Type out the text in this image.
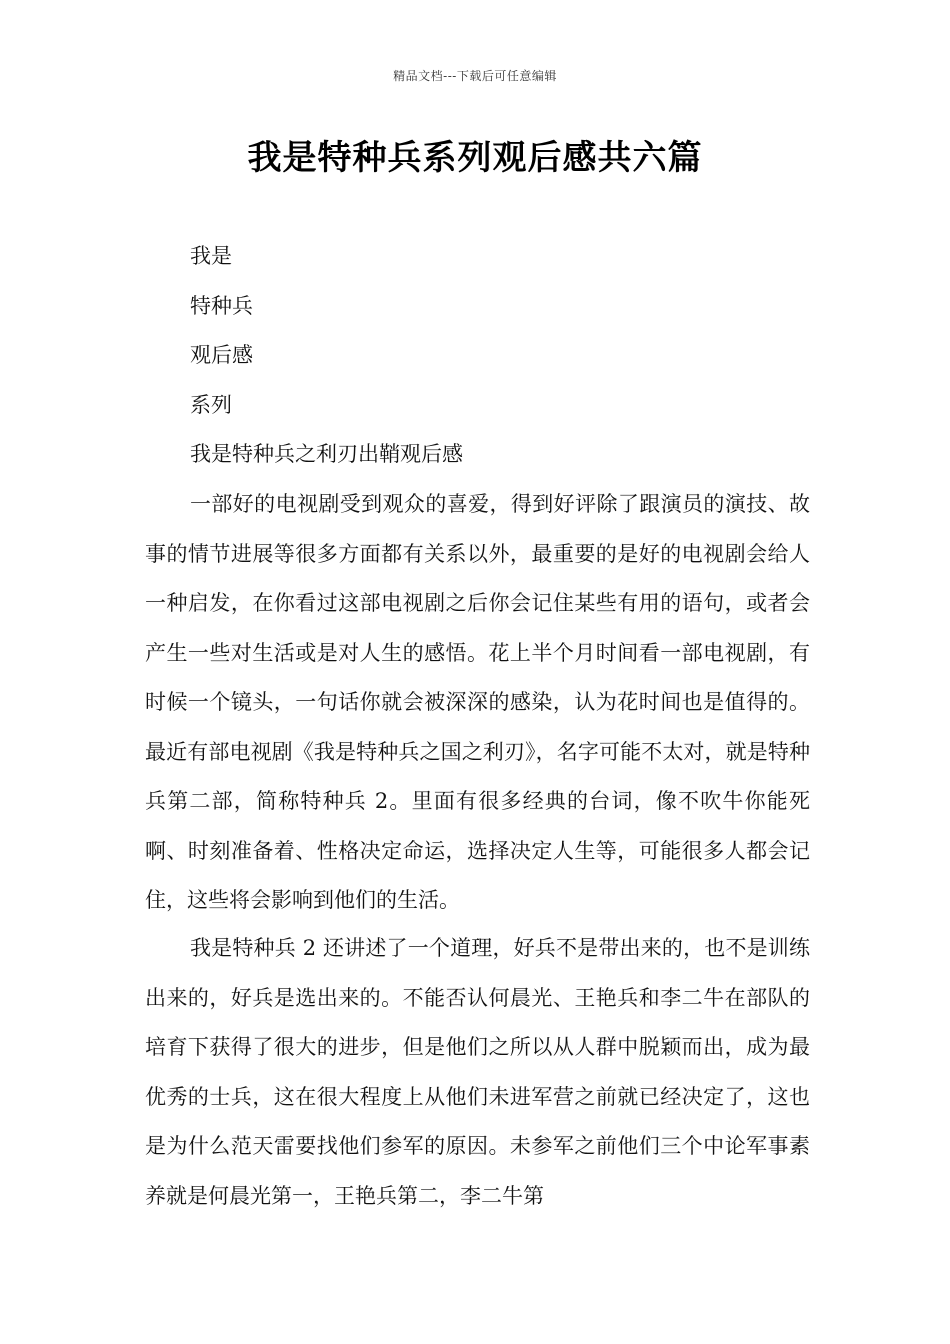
精品文档---下载后可任意编辑
我是特种兵系列观后感共六篇
我是
特种兵
观后感
系列
我是特种兵之利刃出鞘观后感

一部好的电视剧受到观众的喜爱，得到好评除了跟演员的演技、故事的情节进展等很多方面都有关系以外，最重要的是好的电视剧会给人一种启发，在你看过这部电视剧之后你会记住某些有用的语句，或者会产生一些对生活或是对人生的感悟。花上半个月时间看一部电视剧，有时候一个镜头，一句话你就会被深深的感染，认为花时间也是值得的。最近有部电视剧《我是特种兵之国之利刃》，名字可能不太对，就是特种兵第二部，简称特种兵 2。里面有很多经典的台词，像不吹牛你能死啊、时刻准备着、性格决定命运，选择决定人生等，可能很多人都会记住，这些将会影响到他们的生活。

我是特种兵 2 还讲述了一个道理，好兵不是带出来的，也不是训练出来的，好兵是选出来的。不能否认何晨光、王艳兵和李二牛在部队的培育下获得了很大的进步，但是他们之所以从人群中脱颖而出，成为最优秀的士兵，这在很大程度上从他们未进军营之前就已经决定了，这也是为什么范天雷要找他们参军的原因。未参军之前他们三个中论军事素养就是何晨光第一，王艳兵第二，李二牛第
